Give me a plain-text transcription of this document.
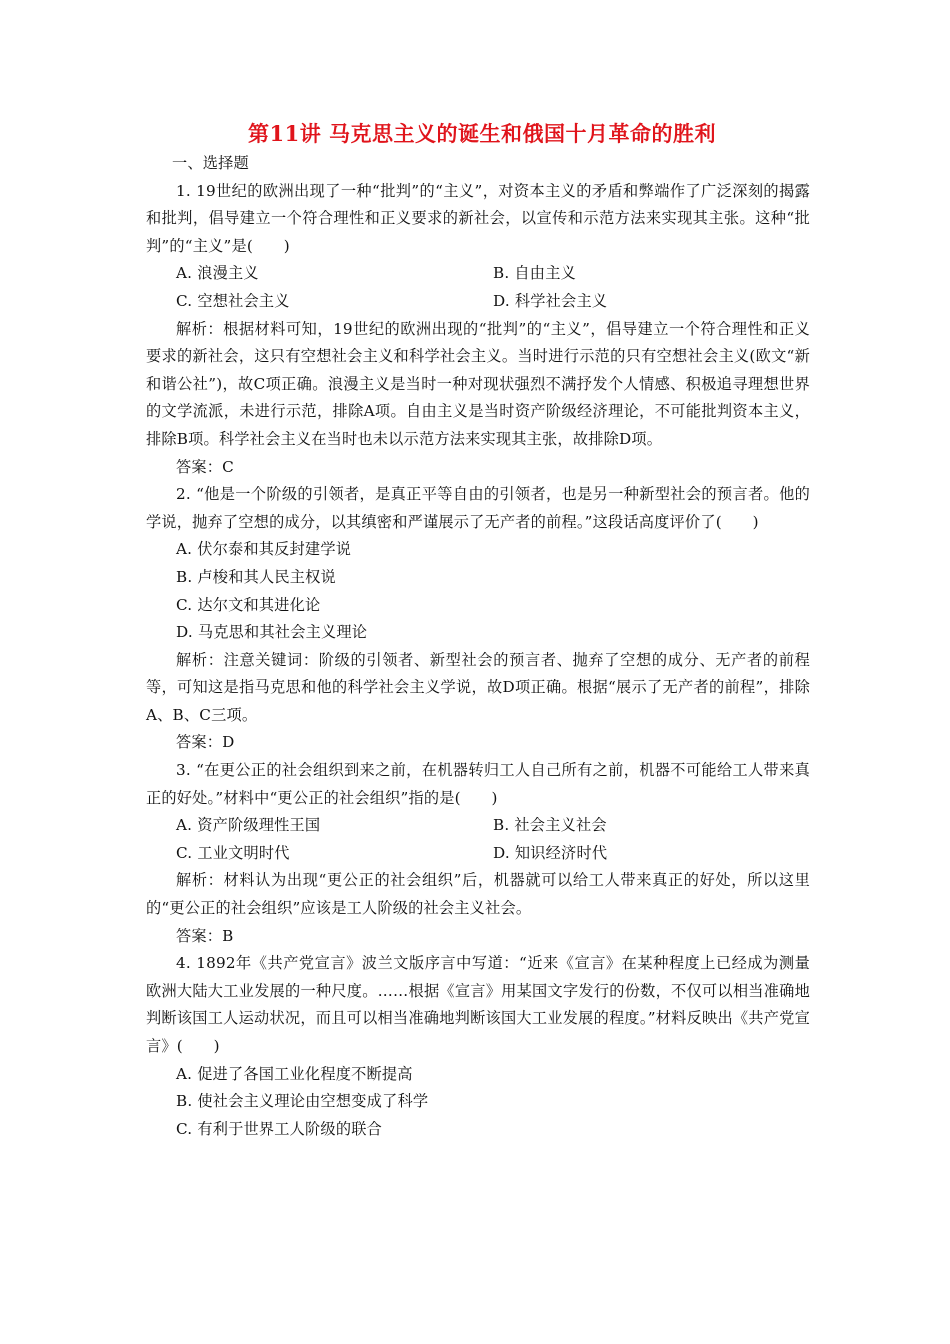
第11讲 马克思主义的诞生和俄国十月革命的胜利
一、选择题
1. 19世纪的欧洲出现了一种“批判”的“主义”，对资本主义的矛盾和弊端作了广泛深刻的揭露和批判，倡导建立一个符合理性和正义要求的新社会，以宣传和示范方法来实现其主张。这种“批判”的“主义”是(　　)
A. 浪漫主义	B. 自由主义
C. 空想社会主义	D. 科学社会主义
解析：根据材料可知，19世纪的欧洲出现的“批判”的“主义”，倡导建立一个符合理性和正义要求的新社会，这只有空想社会主义和科学社会主义。当时进行示范的只有空想社会主义(欧文“新和谐公社”)，故C项正确。浪漫主义是当时一种对现状强烈不满抒发个人情感、积极追寻理想世界的文学流派，未进行示范，排除A项。自由主义是当时资产阶级经济理论，不可能批判资本主义，排除B项。科学社会主义在当时也未以示范方法来实现其主张，故排除D项。
答案：C
2. “他是一个阶级的引领者，是真正平等自由的引领者，也是另一种新型社会的预言者。他的学说，抛弃了空想的成分，以其缜密和严谨展示了无产者的前程。”这段话高度评价了(　　)
A. 伏尔泰和其反封建学说
B. 卢梭和其人民主权说
C. 达尔文和其进化论
D. 马克思和其社会主义理论
解析：注意关键词：阶级的引领者、新型社会的预言者、抛弃了空想的成分、无产者的前程等，可知这是指马克思和他的科学社会主义学说，故D项正确。根据“展示了无产者的前程”，排除A、B、C三项。
答案：D
3. “在更公正的社会组织到来之前，在机器转归工人自己所有之前，机器不可能给工人带来真正的好处。”材料中“更公正的社会组织”指的是(　　)
A. 资产阶级理性王国	B. 社会主义社会
C. 工业文明时代	D. 知识经济时代
解析：材料认为出现“更公正的社会组织”后，机器就可以给工人带来真正的好处，所以这里的“更公正的社会组织”应该是工人阶级的社会主义社会。
答案：B
4. 1892年《共产党宣言》波兰文版序言中写道：“近来《宣言》在某种程度上已经成为测量欧洲大陆大工业发展的一种尺度。……根据《宣言》用某国文字发行的份数，不仅可以相当准确地判断该国工人运动状况，而且可以相当准确地判断该国大工业发展的程度。”材料反映出《共产党宣言》(　　)
A. 促进了各国工业化程度不断提高
B. 使社会主义理论由空想变成了科学
C. 有利于世界工人阶级的联合
